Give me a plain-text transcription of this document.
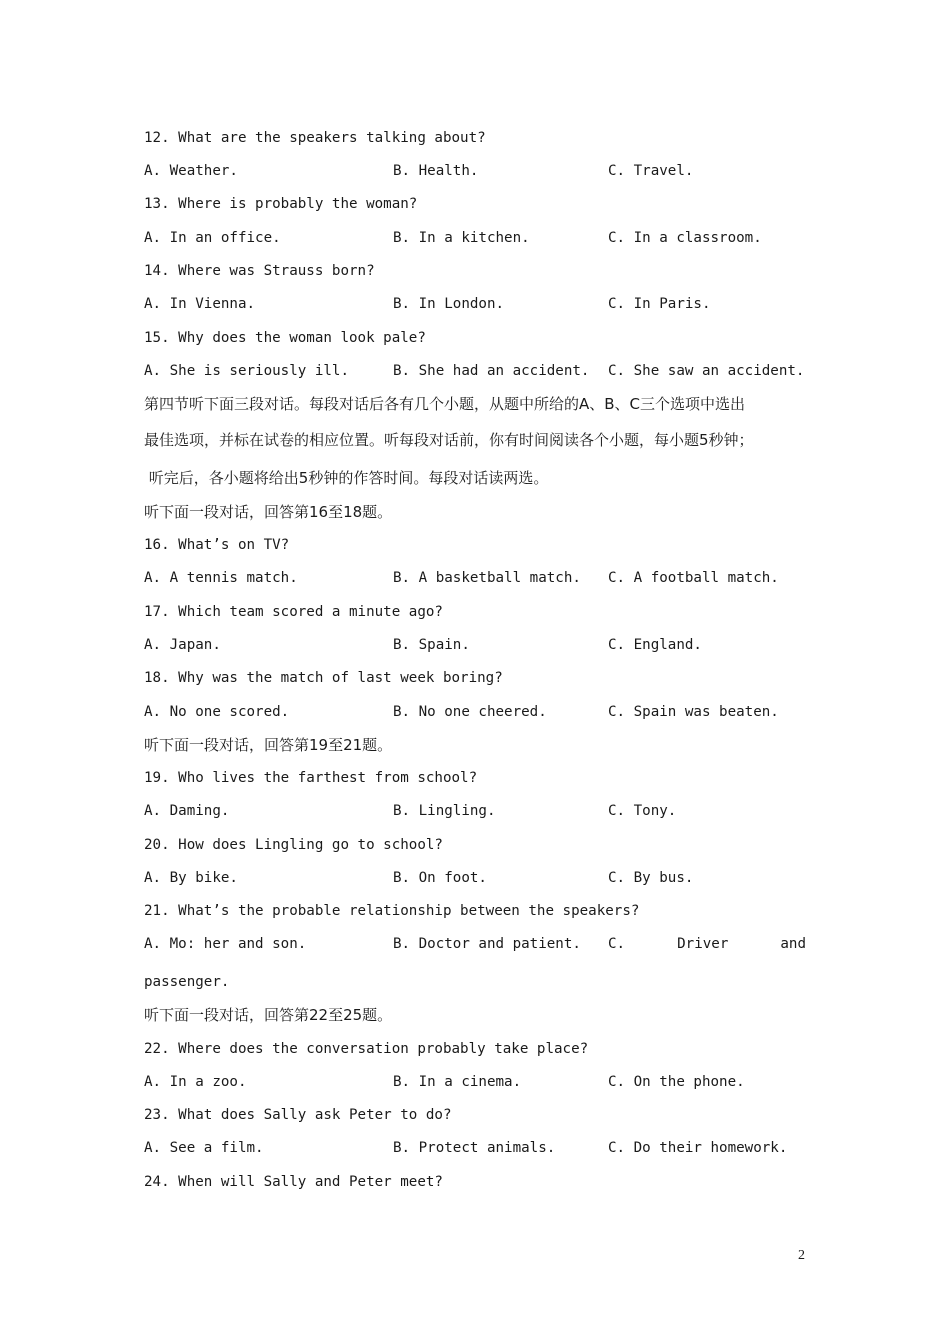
12. What are the speakers talking about?
A. Weather.	B. Health.	C. Travel.
13. Where is probably the woman?
A. In an office.	B. In a kitchen.	C. In a classroom.
14. Where was Strauss born?
A. In Vienna.	B. In London.	C. In Paris.
15. Why does the woman look pale?
A. She is seriously ill.	B. She had an accident. C. She saw an accident.
第四节听下面三段对话。每段对话后各有几个小题，从题中所给的A、B、C三个选项中选出
最佳选项，并标在试卷的相应位置。听每段对话前，你有时间阅读各个小题，每小题5秒钟；
听完后，各小题将给出5秒钟的作答时间。每段对话读两选。
听下面一段对话，回答第16至18题。
16. What’s on TV?
A. A tennis match.	B. A basketball match. C. A football match.
17. Which team scored a minute ago?
A. Japan.	B. Spain.	C. England.
18. Why was the match of last week boring?
A. No one scored.	B. No one cheered.	C. Spain was beaten.
听下面一段对话，回答第19至21题。
19. Who lives the farthest from school?
A. Daming.	B. Lingling.	C. Tony.
20. How does Lingling go to school?
A. By bike.	B. On foot.	C. By bus.
21. What’s the probable relationship between the speakers?
A. Mo: her and son.	B. Doctor and patient. C.	Driver	and
passenger.
听下面一段对话，回答第22至25题。
22. Where does the conversation probably take place?
A. In a zoo.	B. In a cinema.	C. On the phone.
23. What does Sally ask Peter to do?
A. See a film.	B. Protect animals.	C. Do their homework.
24. When will Sally and Peter meet?
2
